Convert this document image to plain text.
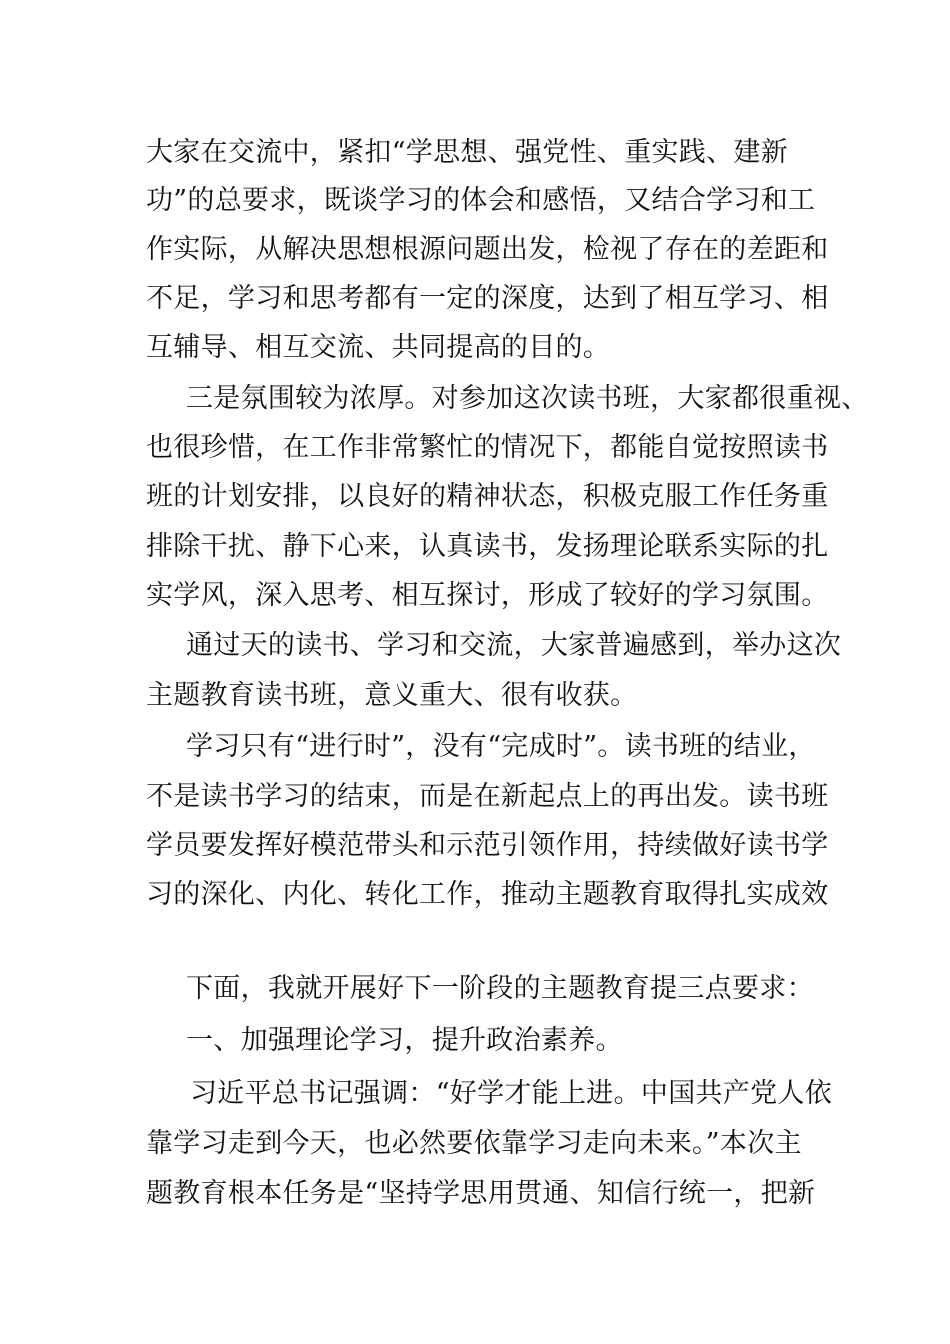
大家在交流中，紧扣“学思想、强党性、重实践、建新
功”的总要求，既谈学习的体会和感悟，又结合学习和工
作实际，从解决思想根源问题出发，检视了存在的差距和
不足，学习和思考都有一定的深度，达到了相互学习、相
互辅导、相互交流、共同提高的目的。
三是氛围较为浓厚。对参加这次读书班，大家都很重视、
也很珍惜，在工作非常繁忙的情况下，都能自觉按照读书
班的计划安排，以良好的精神状态，积极克服工作任务重
排除干扰、静下心来，认真读书，发扬理论联系实际的扎
实学风，深入思考、相互探讨，形成了较好的学习氛围。
通过天的读书、学习和交流，大家普遍感到，举办这次
主题教育读书班，意义重大、很有收获。
学习只有“进行时”，没有“完成时”。读书班的结业，
不是读书学习的结束，而是在新起点上的再出发。读书班
学员要发挥好模范带头和示范引领作用，持续做好读书学
习的深化、内化、转化工作，推动主题教育取得扎实成效
下面，我就开展好下一阶段的主题教育提三点要求：
一、加强理论学习，提升政治素养。
习近平总书记强调：“好学才能上进。中国共产党人依
靠学习走到今天，也必然要依靠学习走向未来。”本次主
题教育根本任务是“坚持学思用贯通、知信行统一，把新
